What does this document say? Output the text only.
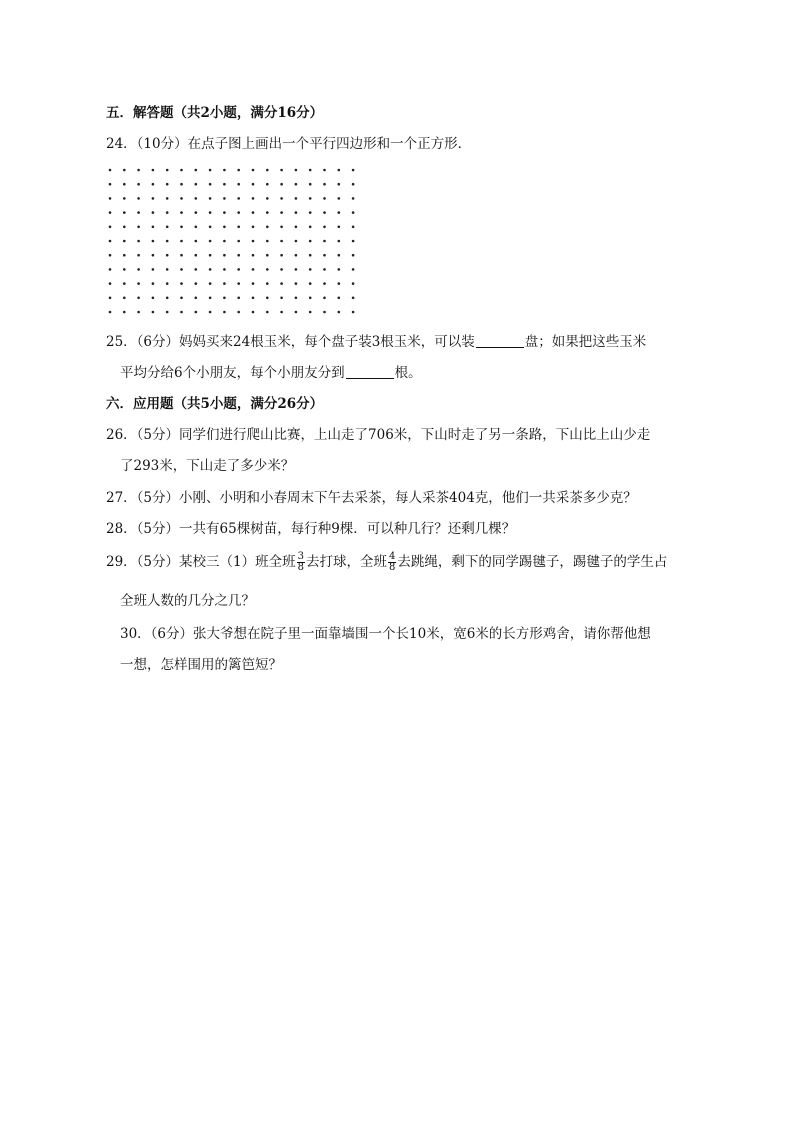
五．解答题（共2小题，满分16分）
24．（10分）在点子图上画出一个平行四边形和一个正方形．
25．（6分）妈妈买来24根玉米，每个盘子装3根玉米，可以装	盘；如果把这些玉米
平均分给6个小朋友，每个小朋友分到	根。
六．应用题（共5小题，满分26分）
26．（5分）同学们进行爬山比赛，上山走了706米，下山时走了另一条路，下山比上山少走
了293米，下山走了多少米？
27．（5分）小刚、小明和小春周末下午去采茶，每人采茶404克，他们一共采茶多少克？
28．（5分）一共有65棵树苗，每行种9棵．可以种几行？还剩几棵？
29．（5分）某校三（1）班全班 $\frac{3}{8}$ 去打球，全班 $\frac{4}{8}$ 去跳绳，剩下的同学踢毽子，踢毽子的学生占
全班人数的几分之几？
30．（6分）张大爷想在院子里一面靠墙围一个长10米，宽6米的长方形鸡舍，请你帮他想
一想，怎样围用的篱笆短？
